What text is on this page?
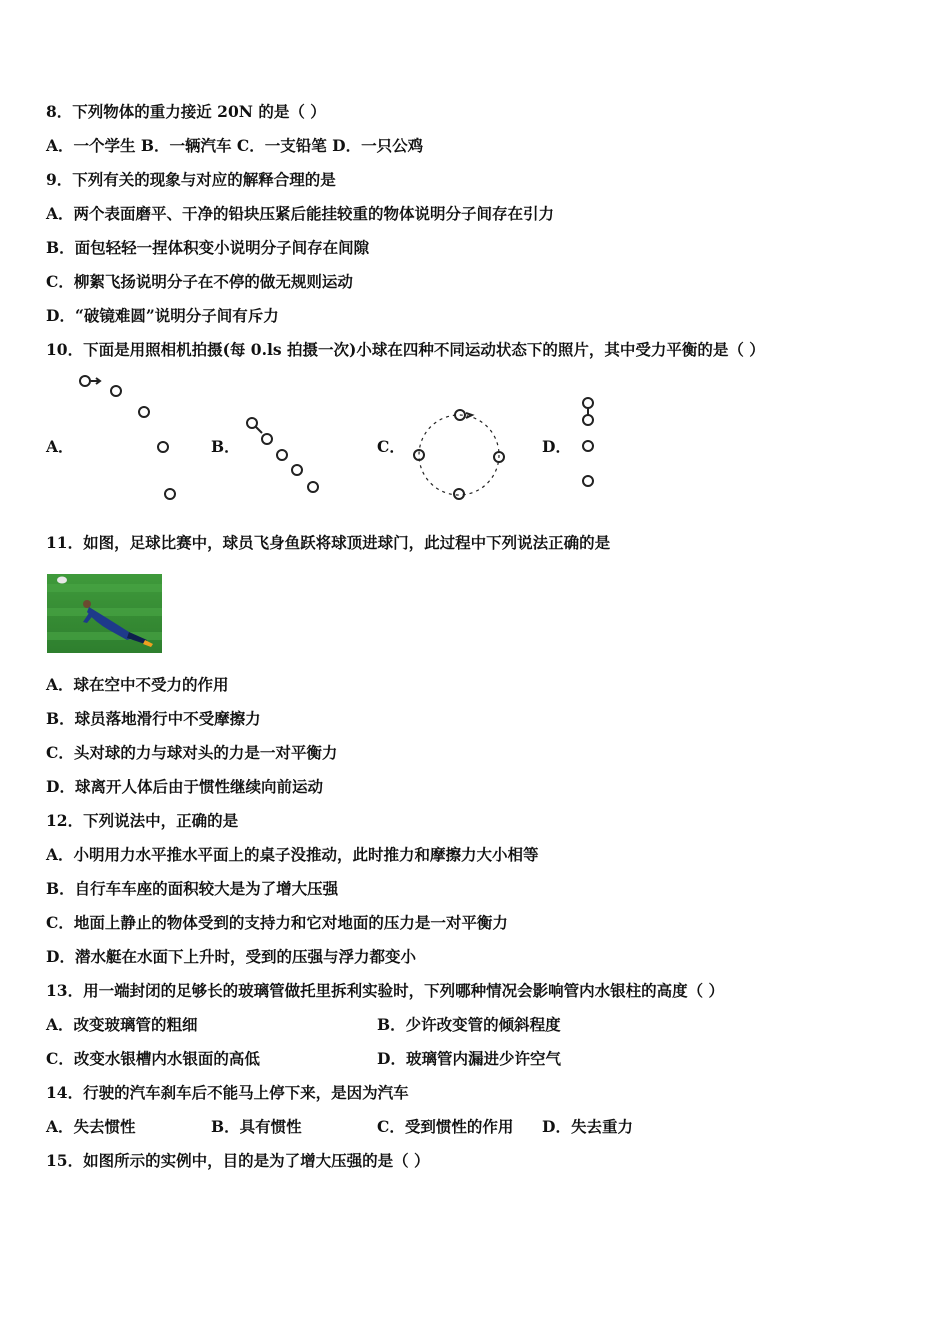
8．下列物体的重力接近 20N 的是（ ）
A．一个学生 B．一辆汽车 C．一支铅笔 D．一只公鸡
9．下列有关的现象与对应的解释合理的是
A．两个表面磨平、干净的铅块压紧后能挂较重的物体说明分子间存在引力
B．面包轻轻一捏体积变小说明分子间存在间隙
C．柳絮飞扬说明分子在不停的做无规则运动
D．“破镜难圆”说明分子间有斥力
10．下面是用照相机拍摄(每 0.ls 拍摄一次)小球在四种不同运动状态下的照片，其中受力平衡的是（ ）
A．	B．	C．	D．
11．如图，足球比赛中，球员飞身鱼跃将球顶进球门，此过程中下列说法正确的是
A．球在空中不受力的作用
B．球员落地滑行中不受摩擦力
C．头对球的力与球对头的力是一对平衡力
D．球离开人体后由于惯性继续向前运动
12．下列说法中，正确的是
A．小明用力水平推水平面上的桌子没推动，此时推力和摩擦力大小相等
B．自行车车座的面积较大是为了增大压强
C．地面上静止的物体受到的支持力和它对地面的压力是一对平衡力
D．潜水艇在水面下上升时，受到的压强与浮力都变小
13．用一端封闭的足够长的玻璃管做托里拆利实验时，下列哪种情况会影响管内水银柱的高度（ ）
A．改变玻璃管的粗细	B．少许改变管的倾斜程度
C．改变水银槽内水银面的高低	D．玻璃管内漏进少许空气
14．行驶的汽车刹车后不能马上停下来，是因为汽车
A．失去惯性	B．具有惯性	C．受到惯性的作用 D．失去重力
15．如图所示的实例中，目的是为了增大压强的是（ ）
